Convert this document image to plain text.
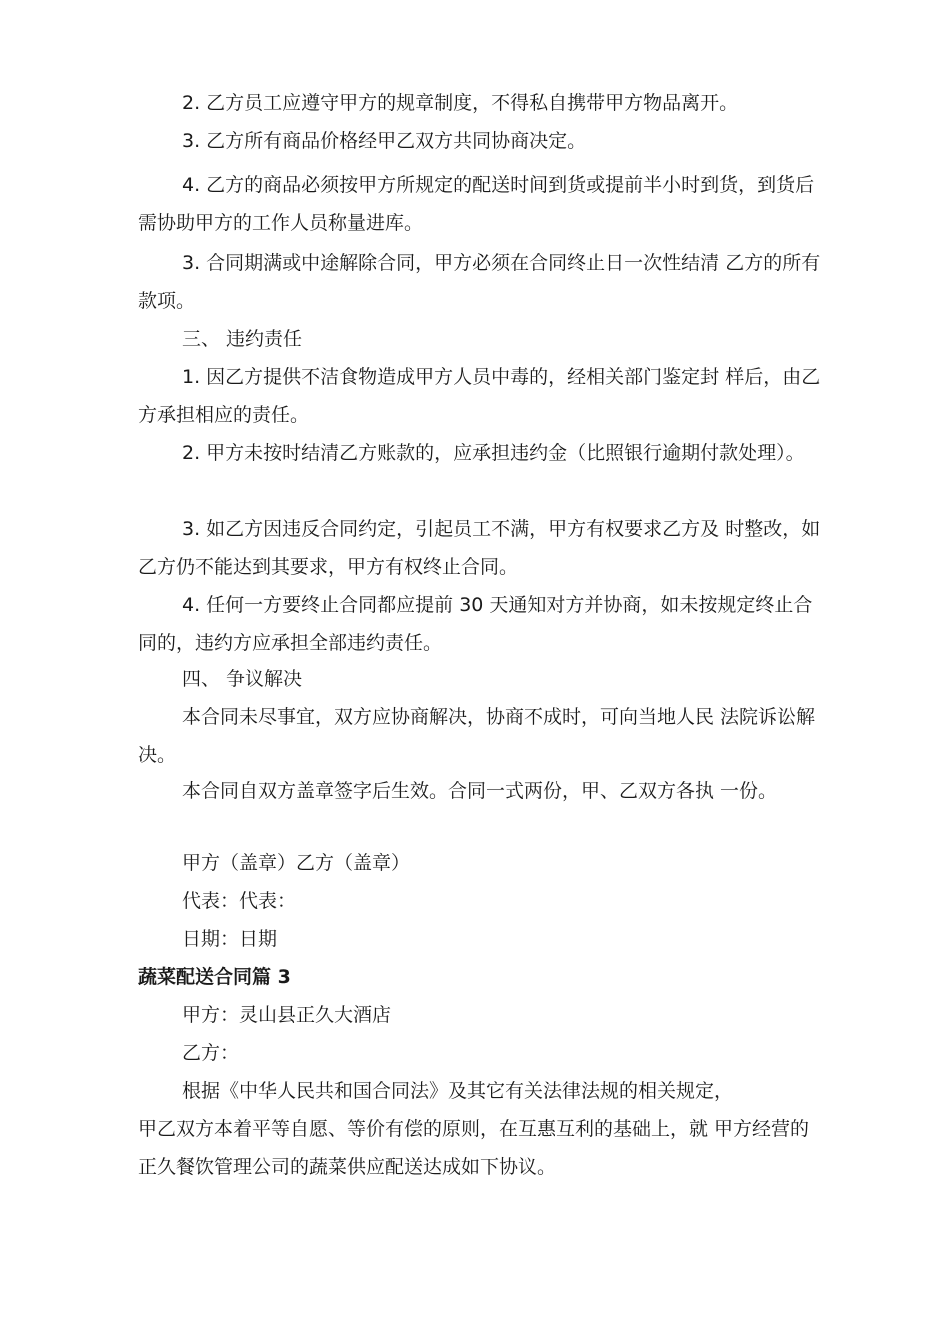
2. 乙方员工应遵守甲方的规章制度，不得私自携带甲方物品离开。

3. 乙方所有商品价格经甲乙双方共同协商决定。

4. 乙方的商品必须按甲方所规定的配送时间到货或提前半小时到货，到货后需协助甲方的工作人员称量进库。

3. 合同期满或中途解除合同，甲方必须在合同终止日一次性结清 乙方的所有款项。

三、 违约责任

1. 因乙方提供不洁食物造成甲方人员中毒的，经相关部门鉴定封 样后，由乙方承担相应的责任。

2. 甲方未按时结清乙方账款的，应承担违约金（比照银行逾期付款处理）。

3. 如乙方因违反合同约定，引起员工不满，甲方有权要求乙方及 时整改，如乙方仍不能达到其要求，甲方有权终止合同。

4. 任何一方要终止合同都应提前 30 天通知对方并协商，如未按规定终止合同的，违约方应承担全部违约责任。

四、 争议解决

本合同未尽事宜，双方应协商解决，协商不成时，可向当地人民 法院诉讼解决。

本合同自双方盖章签字后生效。合同一式两份，甲、乙双方各执 一份。

甲方（盖章）乙方（盖章）

代表：代表：

日期：日期

蔬菜配送合同篇 3

甲方：灵山县正久大酒店

乙方：

根据《中华人民共和国合同法》及其它有关法律法规的相关规定，

甲乙双方本着平等自愿、等价有偿的原则，在互惠互利的基础上，就 甲方经营的正久餐饮管理公司的蔬菜供应配送达成如下协议。
